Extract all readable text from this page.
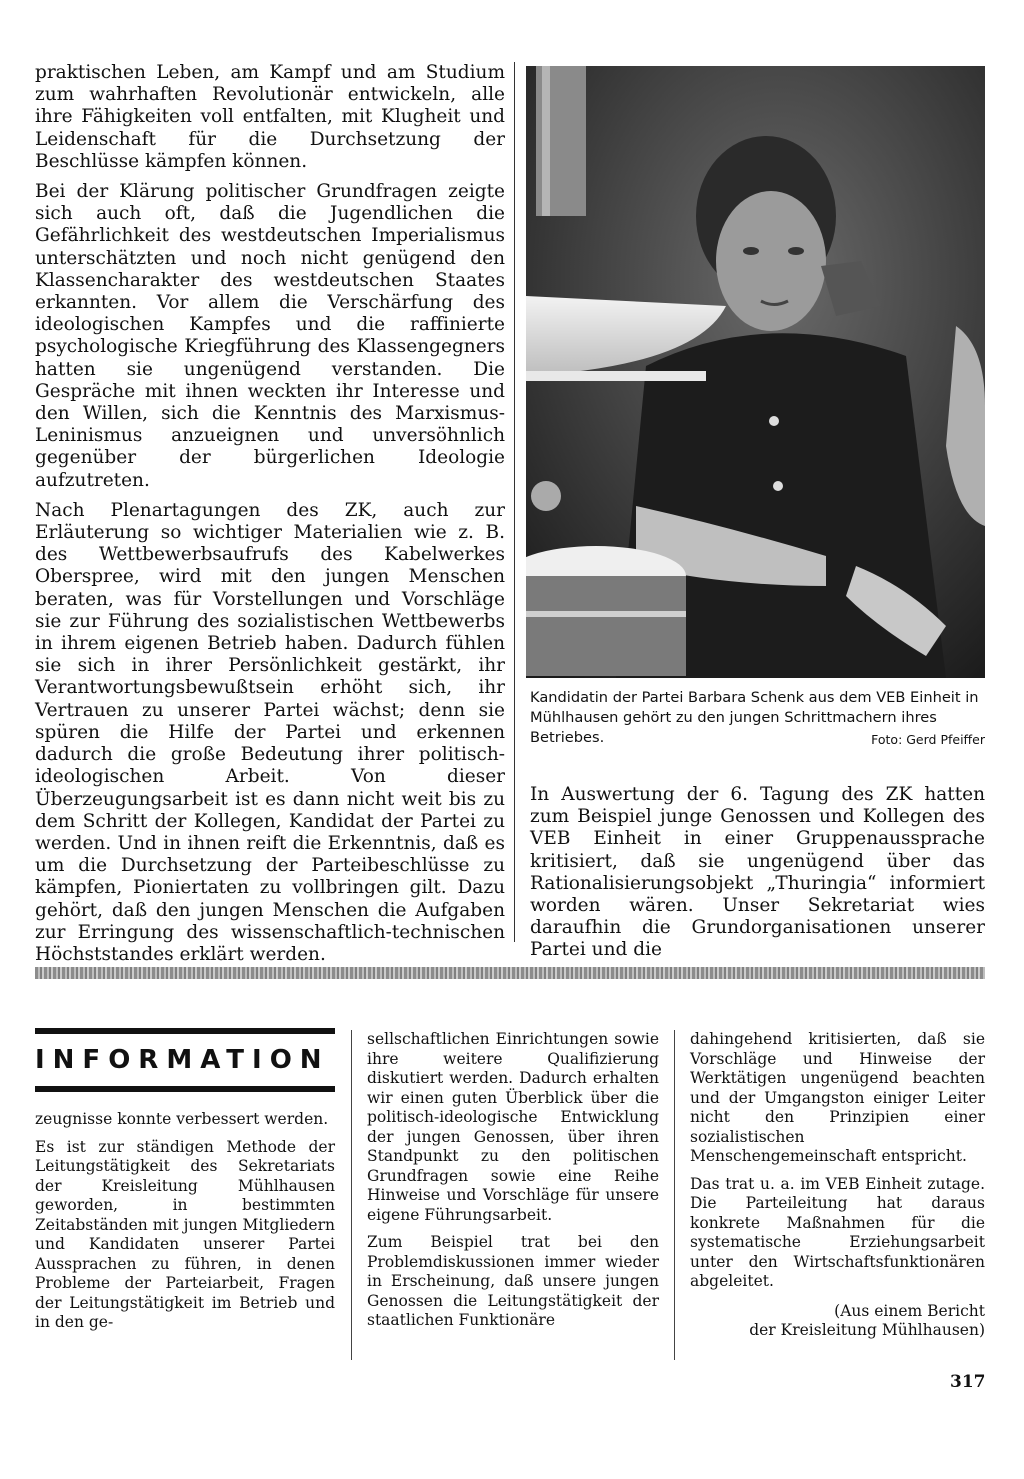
praktischen Leben, am Kampf und am Studium zum wahrhaften Revolutionär entwickeln, alle ihre Fähigkeiten voll entfalten, mit Klugheit und Leidenschaft für die Durchsetzung der Beschlüsse kämpfen können.

Bei der Klärung politischer Grundfragen zeigte sich auch oft, daß die Jugendlichen die Gefährlichkeit des westdeutschen Imperialismus unterschätzten und noch nicht genügend den Klassencharakter des westdeutschen Staates erkannten. Vor allem die Verschärfung des ideologischen Kampfes und die raffinierte psychologische Kriegführung des Klassengegners hatten sie ungenügend verstanden. Die Gespräche mit ihnen weckten ihr Interesse und den Willen, sich die Kenntnis des Marxismus-Leninismus anzueignen und unversöhnlich gegenüber der bürgerlichen Ideologie aufzutreten.

Nach Plenartagungen des ZK, auch zur Erläuterung so wichtiger Materialien wie z. B. des Wettbewerbsaufrufs des Kabelwerkes Oberspree, wird mit den jungen Menschen beraten, was für Vorstellungen und Vorschläge sie zur Führung des sozialistischen Wettbewerbs in ihrem eigenen Betrieb haben. Dadurch fühlen sie sich in ihrer Persönlichkeit gestärkt, ihr Verantwortungsbewußtsein erhöht sich, ihr Vertrauen zu unserer Partei wächst; denn sie spüren die Hilfe der Partei und erkennen dadurch die große Bedeutung ihrer politisch-ideologischen Arbeit. Von dieser Überzeugungsarbeit ist es dann nicht weit bis zu dem Schritt der Kollegen, Kandidat der Partei zu werden. Und in ihnen reift die Erkenntnis, daß es um die Durchsetzung der Parteibeschlüsse zu kämpfen, Pioniertaten zu vollbringen gilt. Dazu gehört, daß den jungen Menschen die Aufgaben zur Erringung des wissenschaftlich-technischen Höchststandes erklärt werden.

Kandidatin der Partei Barbara Schenk aus dem VEB Einheit in Mühlhausen gehört zu den jungen Schrittmachern ihres Betriebes.	Foto: Gerd Pfeiffer

In Auswertung der 6. Tagung des ZK hatten zum Beispiel junge Genossen und Kollegen des VEB Einheit in einer Gruppenaussprache kritisiert, daß sie ungenügend über das Rationalisierungsobjekt „Thuringia“ informiert worden wären. Unser Sekretariat wies daraufhin die Grundorganisationen unserer Partei und die

INFORMATION

zeugnisse konnte verbessert werden.

Es ist zur ständigen Methode der Leitungstätigkeit des Sekretariats der Kreisleitung Mühlhausen geworden, in bestimmten Zeitabständen mit jungen Mitgliedern und Kandidaten unserer Partei Aussprachen zu führen, in denen Probleme der Parteiarbeit, Fragen der Leitungstätigkeit im Betrieb und in den ge-

sellschaftlichen Einrichtungen sowie ihre weitere Qualifizierung diskutiert werden. Dadurch erhalten wir einen guten Überblick über die politisch-ideologische Entwicklung der jungen Genossen, über ihren Standpunkt zu den politischen Grundfragen sowie eine Reihe Hinweise und Vorschläge für unsere eigene Führungsarbeit.

Zum Beispiel trat bei den Problemdiskussionen immer wieder in Erscheinung, daß unsere jungen Genossen die Leitungstätigkeit der staatlichen Funktionäre

dahingehend kritisierten, daß sie Vorschläge und Hinweise der Werktätigen ungenügend beachten und der Umgangston einiger Leiter nicht den Prinzipien einer sozialistischen Menschengemeinschaft entspricht.

Das trat u. a. im VEB Einheit zutage. Die Parteileitung hat daraus konkrete Maßnahmen für die systematische Erziehungsarbeit unter den Wirtschaftsfunktionären abgeleitet.

(Aus einem Bericht
der Kreisleitung Mühlhausen)
317
